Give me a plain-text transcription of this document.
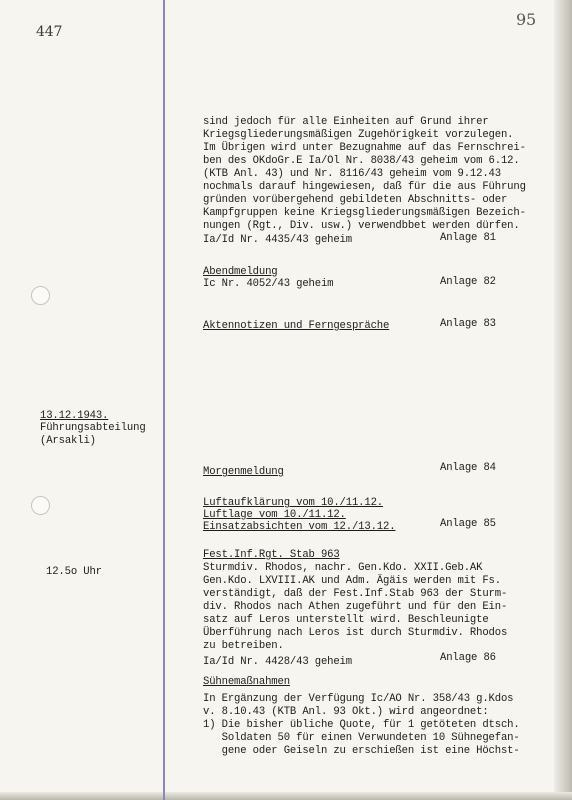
447
95
sind jedoch für alle Einheiten auf Grund ihrer
Kriegsgliederungsmäßigen Zugehörigkeit vorzulegen.
Im Übrigen wird unter Bezugnahme auf das Fernschrei-
ben des OKdoGr.E Ia/Ol Nr. 8038/43 geheim vom 6.12.
(KTB Anl. 43) und Nr. 8116/43 geheim vom 9.12.43
nochmals darauf hingewiesen, daß für die aus Führung
gründen vorübergehend gebildeten Abschnitts- oder
Kampfgruppen keine Kriegsgliederungsmäßigen Bezeich-
nungen (Rgt., Div. usw.) verwendbbet werden dürfen.
Ia/Id Nr. 4435/43 geheim	Anlage 81
Abendmeldung
Ic Nr. 4052/43 geheim	Anlage 82
Aktennotizen und Ferngespräche	Anlage 83
13.12.1943.
Führungsabteilung
(Arsakli)
Morgenmeldung	Anlage 84
Luftaufklärung vom 10./11.12.
Luftlage vom 10./11.12.
Einsatzabsichten vom 12./13.12.	Anlage 85
12.5o Uhr
Fest.Inf.Rgt. Stab 963
Sturmdiv. Rhodos, nachr. Gen.Kdo. XXII.Geb.AK
Gen.Kdo. LXVIII.AK und Adm. Ägäis werden mit Fs.
verständigt, daß der Fest.Inf.Stab 963 der Sturm-
div. Rhodos nach Athen zugeführt und für den Ein-
satz auf Leros unterstellt wird. Beschleunigte
Überführung nach Leros ist durch Sturmdiv. Rhodos
zu betreiben.
Ia/Id Nr. 4428/43 geheim	Anlage 86
Sühnemaßnahmen
In Ergänzung der Verfügung Ic/AO Nr. 358/43 g.Kdos
v. 8.10.43 (KTB Anl. 93 Okt.) wird angeordnet:
1) Die bisher übliche Quote, für 1 getöteten dtsch.
Soldaten 50 für einen Verwundeten 10 Sühnegefan-
gene oder Geiseln zu erschießen ist eine Höchst-
